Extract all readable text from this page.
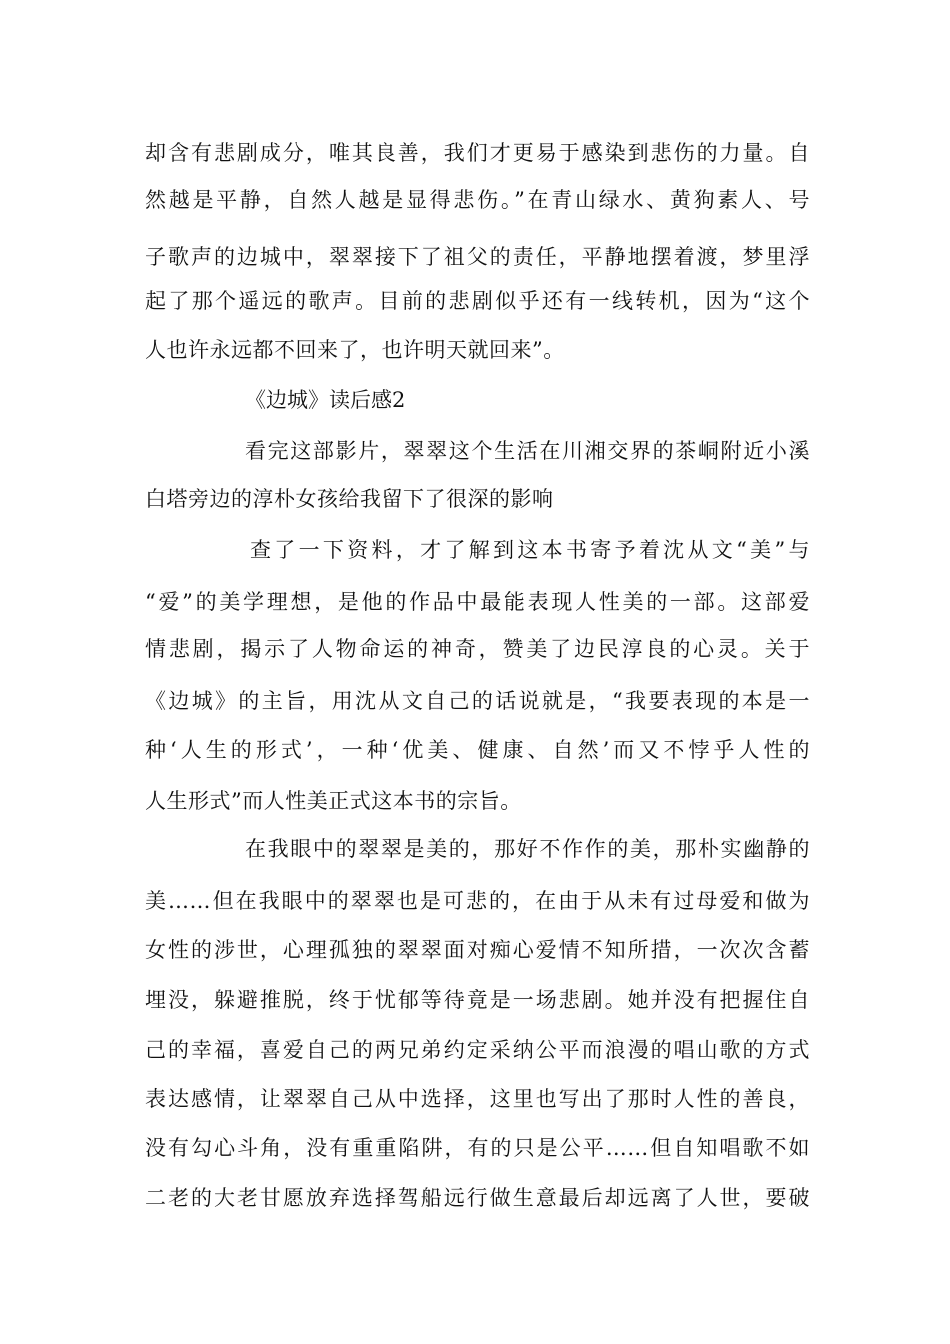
却含有悲剧成分，唯其良善，我们才更易于感染到悲伤的力量。自
然越是平静，自然人越是显得悲伤。”在青山绿水、黄狗素人、号
子歌声的边城中，翠翠接下了祖父的责任，平静地摆着渡，梦里浮
起了那个遥远的歌声。目前的悲剧似乎还有一线转机，因为“这个
人也许永远都不回来了，也许明天就回来”。
《边城》读后感2
看完这部影片，翠翠这个生活在川湘交界的茶峒附近小溪
白塔旁边的淳朴女孩给我留下了很深的影响
查了一下资料，才了解到这本书寄予着沈从文“美”与
“爱”的美学理想，是他的作品中最能表现人性美的一部。这部爱
情悲剧，揭示了人物命运的神奇，赞美了边民淳良的心灵。关于
《边城》的主旨，用沈从文自己的话说就是，“我要表现的本是一
种‘人生的形式’，一种‘优美、健康、自然’而又不悖乎人性的
人生形式”而人性美正式这本书的宗旨。
在我眼中的翠翠是美的，那好不作作的美，那朴实幽静的
美……但在我眼中的翠翠也是可悲的，在由于从未有过母爱和做为
女性的涉世，心理孤独的翠翠面对痴心爱情不知所措，一次次含蓄
埋没，躲避推脱，终于忧郁等待竟是一场悲剧。她并没有把握住自
己的幸福，喜爱自己的两兄弟约定采纳公平而浪漫的唱山歌的方式
表达感情，让翠翠自己从中选择，这里也写出了那时人性的善良，
没有勾心斗角，没有重重陷阱，有的只是公平……但自知唱歌不如
二老的大老甘愿放弃选择驾船远行做生意最后却远离了人世，要破
